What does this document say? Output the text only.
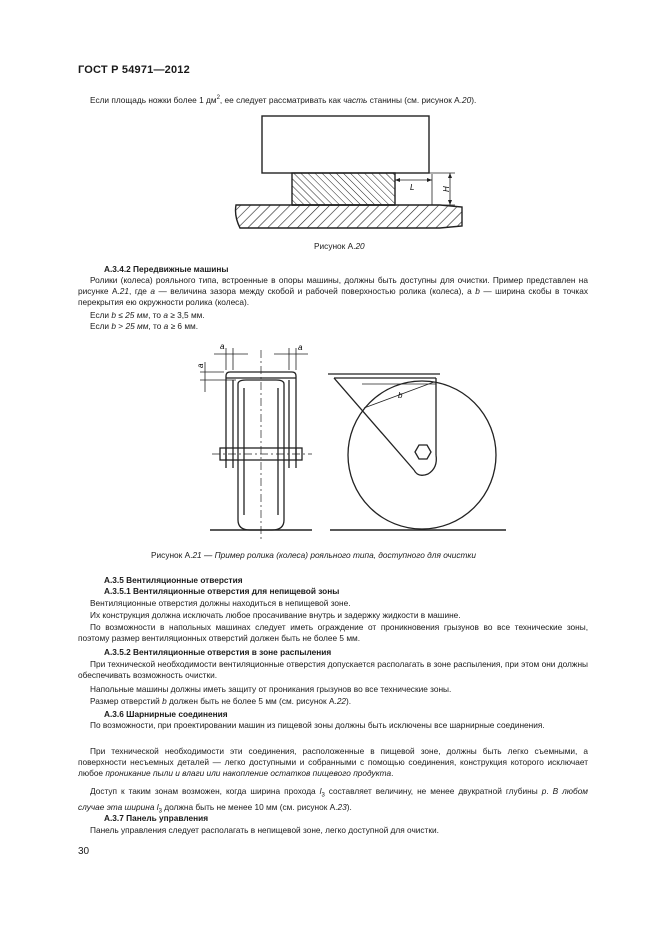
ГОСТ Р 54971—2012
Если площадь ножки более 1 $дм^2$, ее следует рассматривать как часть станины (см. рисунок А.20).
L	H
Рисунок А.20
А.3.4.2 Передвижные машины
Ролики (колеса) рояльного типа, встроенные в опоры машины, должны быть доступны для очистки. Пример представлен на рисунке А.21, где a — величина зазора между скобой и рабочей поверхностью ролика (колеса), а b — ширина скобы в точках перекрытия ею окружности ролика (колеса).
Если b ≤ 25 мм, то a ≥ 3,5 мм.
Если b > 25 мм, то a ≥ 6 мм.
a	a
a
b
Рисунок А.21 — Пример ролика (колеса) рояльного типа, доступного для очистки
А.3.5 Вентиляционные отверстия
А.3.5.1 Вентиляционные отверстия для непищевой зоны
Вентиляционные отверстия должны находиться в непищевой зоне.
Их конструкция должна исключать любое просачивание внутрь и задержку жидкости в машине.
По возможности в напольных машинах следует иметь ограждение от проникновения грызунов во все технические зоны, поэтому размер вентиляционных отверстий должен быть не более 5 мм.
А.3.5.2 Вентиляционные отверстия в зоне распыления
При технической необходимости вентиляционные отверстия допускается располагать в зоне распыления, при этом они должны обеспечивать возможность очистки.
Напольные машины должны иметь защиту от проникания грызунов во все технические зоны.
Размер отверстий b должен быть не более 5 мм (см. рисунок А.22).
А.3.6 Шарнирные соединения
По возможности, при проектировании машин из пищевой зоны должны быть исключены все шарнирные соединения.
При технической необходимости эти соединения, расположенные в пищевой зоне, должны быть легко съемными, а поверхности несъемных деталей — легко доступными и собранными с помощью соединения, конструкция которого исключает любое проникание пыли и влаги или накопление остатков пищевого продукта.
Доступ к таким зонам возможен, когда ширина прохода $l_3$ составляет величину, не менее двукратной глубины p. В любом случае эта ширина $l_3$ должна быть не менее 10 мм (см. рисунок А.23).
А.3.7 Панель управления
Панель управления следует располагать в непищевой зоне, легко доступной для очистки.
30
